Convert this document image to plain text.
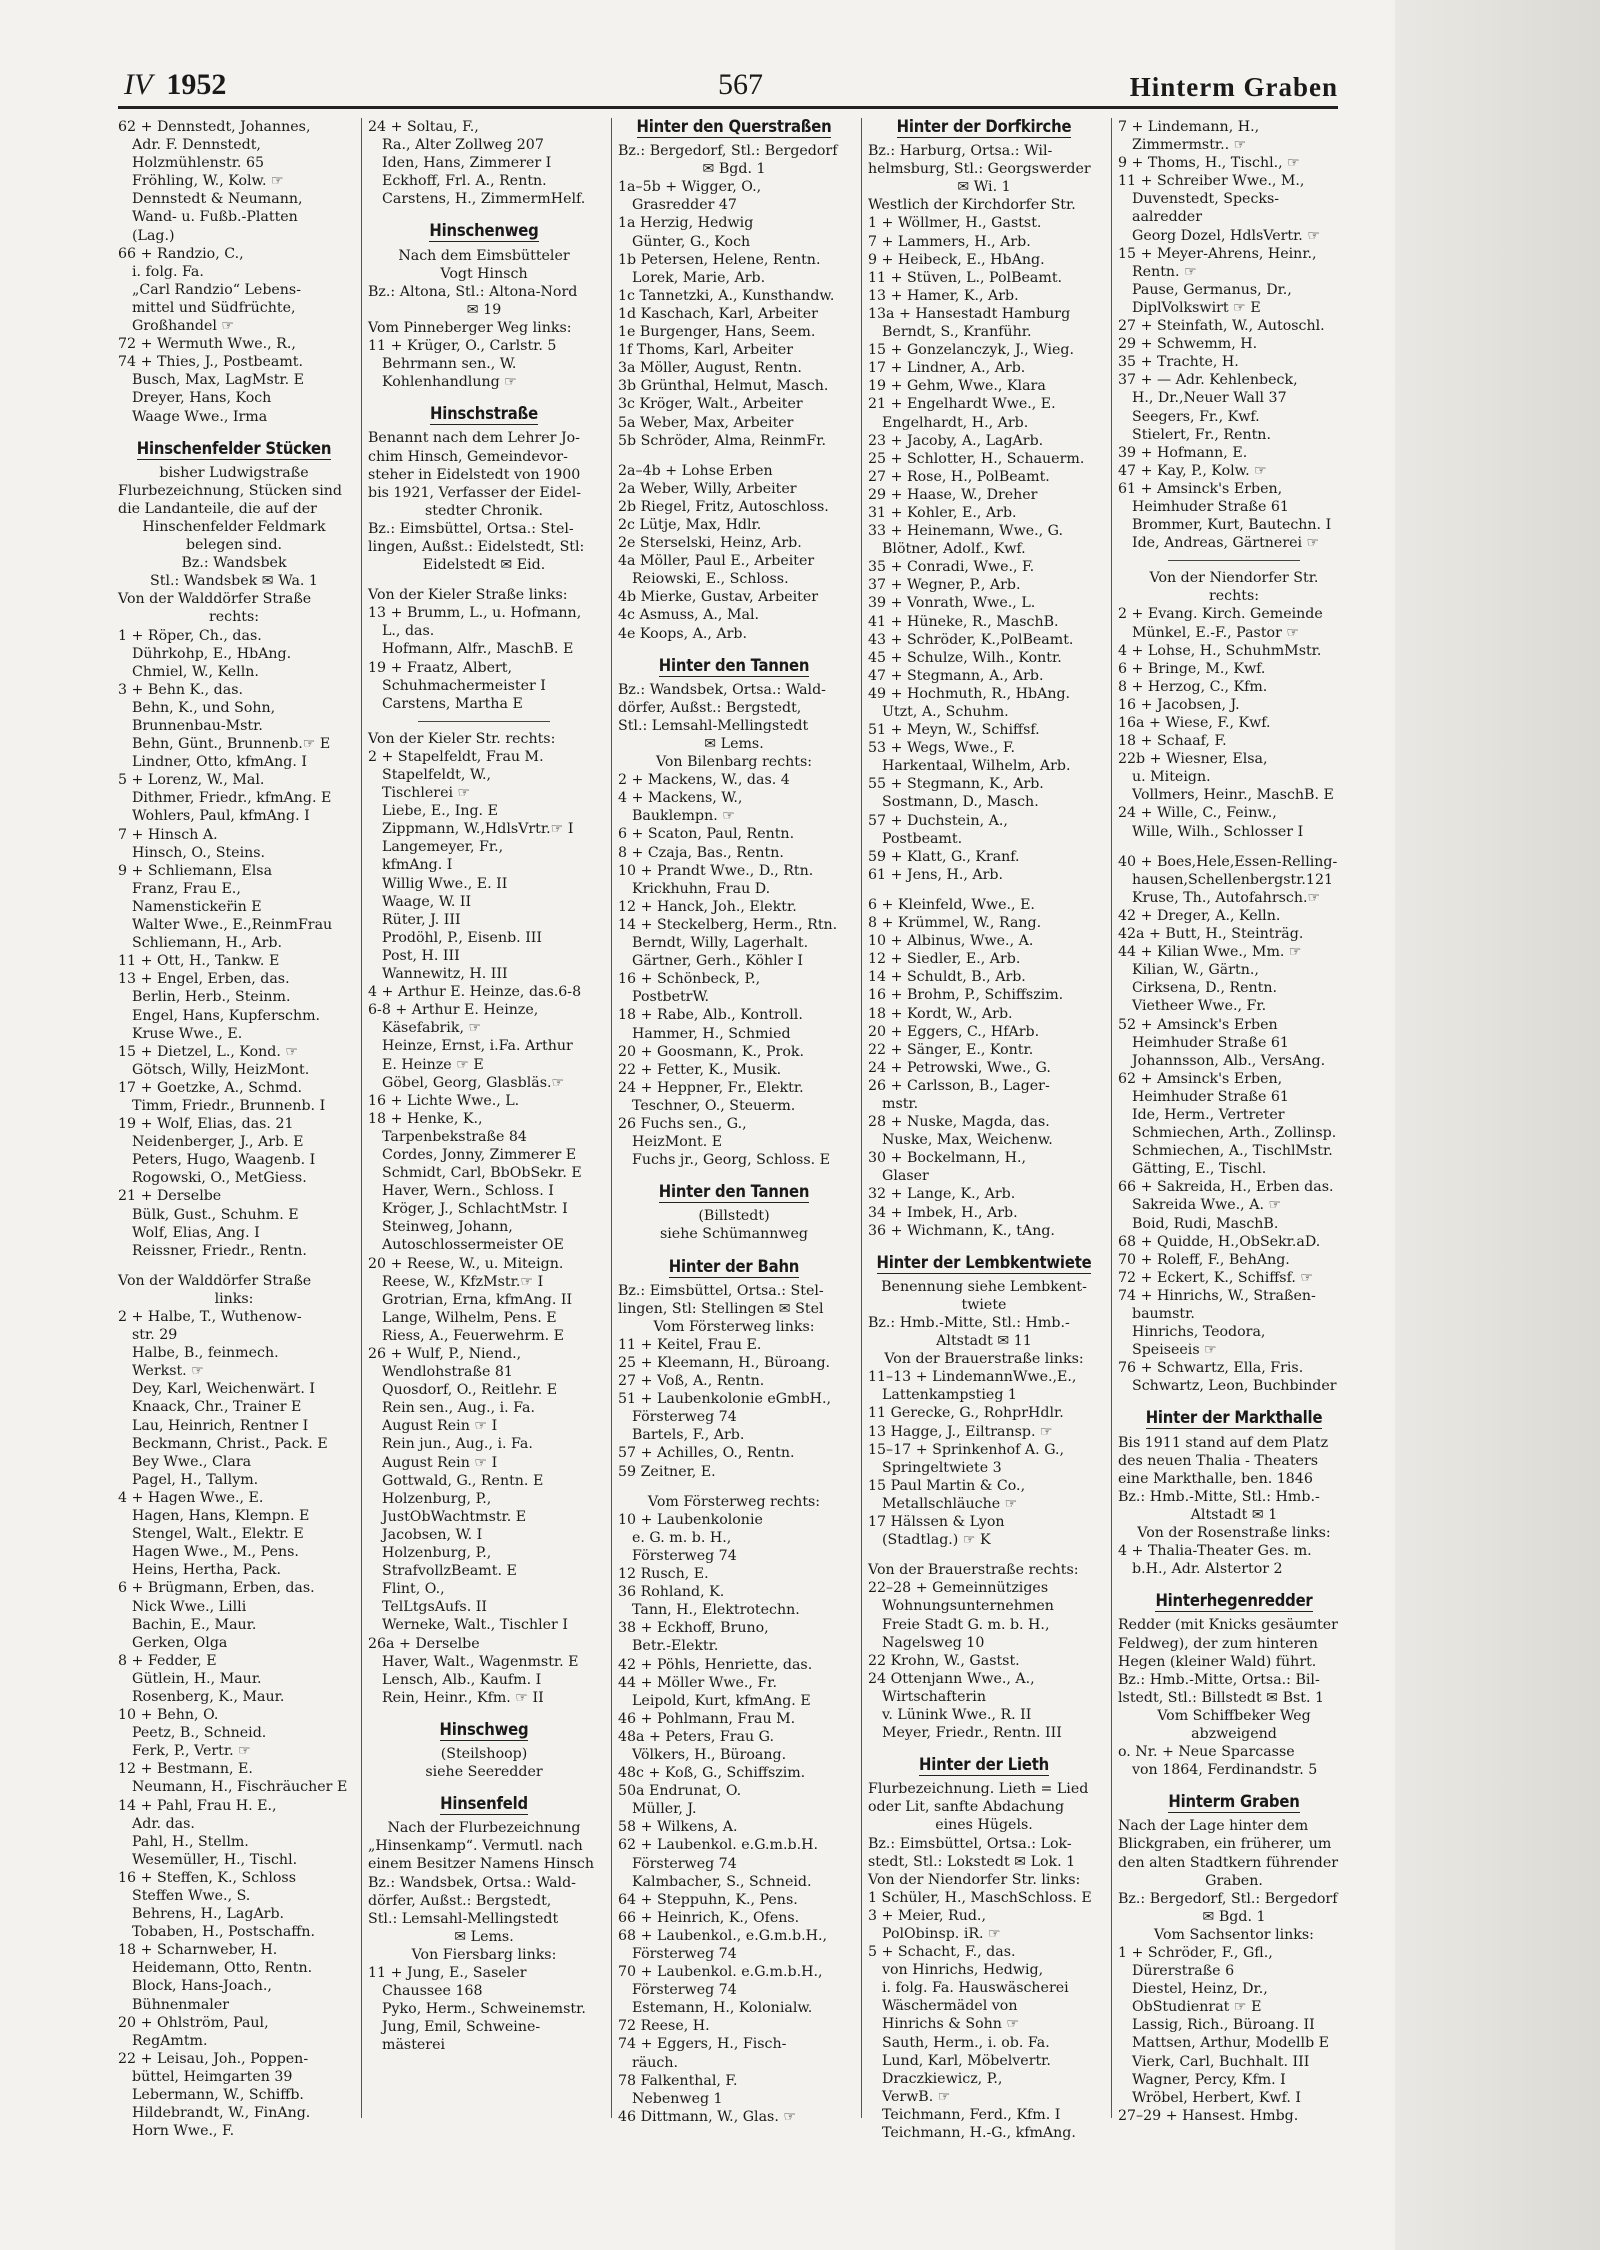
IV 1952	567	Hinterm Graben
62 + Dennstedt, Johannes,
Adr. F. Dennstedt,
Holzmühlenstr. 65
Fröhling, W., Kolw. ☞
Dennstedt & Neumann,
Wand- u. Fußb.-Platten
(Lag.)
66 + Randzio, C.,
i. folg. Fa.
„Carl Randzio“ Lebens-
mittel und Südfrüchte,
Großhandel ☞
72 + Wermuth Wwe., R.,
74 + Thies, J., Postbeamt.
Busch, Max, LagMstr. E
Dreyer, Hans, Koch
Waage Wwe., Irma
Hinschenfelder Stücken
bisher Ludwigstraße
Flurbezeichnung, Stücken sind
die Landanteile, die auf der
Hinschenfelder Feldmark
belegen sind.
Bz.: Wandsbek
Stl.: Wandsbek ✉ Wa. 1
Von der Walddörfer Straße
rechts:
1 + Röper, Ch., das.
Dührkohp, E., HbAng.
Chmiel, W., Kelln.
3 + Behn K., das.
Behn, K., und Sohn,
Brunnenbau-Mstr.
Behn, Günt., Brunnenb.☞ E
Lindner, Otto, kfmAng. I
5 + Lorenz, W., Mal.
Dithmer, Friedr., kfmAng. E
Wohlers, Paul, kfmAng. I
7 + Hinsch A.
Hinsch, O., Steins.
9 + Schliemann, Elsa
Franz, Frau E.,
Namensticker̈in E
Walter Wwe., E.,ReinmFrau
Schliemann, H., Arb.
11 + Ott, H., Tankw. E
13 + Engel, Erben, das.
Berlin, Herb., Steinm.
Engel, Hans, Kupferschm.
Kruse Wwe., E.
15 + Dietzel, L., Kond. ☞
Götsch, Willy, HeizMont.
17 + Goetzke, A., Schmd.
Timm, Friedr., Brunnenb. I
19 + Wolf, Elias, das. 21
Neidenberger, J., Arb. E
Peters, Hugo, Waagenb. I
Rogowski, O., MetGiess.
21 + Derselbe
Bülk, Gust., Schuhm. E
Wolf, Elias, Ang. I
Reissner, Friedr., Rentn.
Von der Walddörfer Straße
links:
2 + Halbe, T., Wuthenow-
str. 29
Halbe, B., feinmech.
Werkst. ☞
Dey, Karl, Weichenwärt. I
Knaack, Chr., Trainer E
Lau, Heinrich, Rentner I
Beckmann, Christ., Pack. E
Bey Wwe., Clara
Pagel, H., Tallym.
4 + Hagen Wwe., E.
Hagen, Hans, Klempn. E
Stengel, Walt., Elektr. E
Hagen Wwe., M., Pens.
Heins, Hertha, Pack.
6 + Brügmann, Erben, das.
Nick Wwe., Lilli
Bachin, E., Maur.
Gerken, Olga
8 + Fedder, E
Gütlein, H., Maur.
Rosenberg, K., Maur.
10 + Behn, O.
Peetz, B., Schneid.
Ferk, P., Vertr. ☞
12 + Bestmann, E.
Neumann, H., Fischräucher E
14 + Pahl, Frau H. E.,
Adr. das.
Pahl, H., Stellm.
Wesemüller, H., Tischl.
16 + Steffen, K., Schloss
Steffen Wwe., S.
Behrens, H., LagArb.
Tobaben, H., Postschaffn.
18 + Scharnweber, H.
Heidemann, Otto, Rentn.
Block, Hans-Joach.,
Bühnenmaler
20 + Ohlström, Paul,
RegAmtm.
22 + Leisau, Joh., Poppen-
büttel, Heimgarten 39
Lebermann, W., Schiffb.
Hildebrandt, W., FinAng.
Horn Wwe., F.
24 + Soltau, F.,
Ra., Alter Zollweg 207
Iden, Hans, Zimmerer I
Eckhoff, Frl. A., Rentn.
Carstens, H., ZimmermHelf.
Hinschenweg
Nach dem Eimsbütteler
Vogt Hinsch
Bz.: Altona, Stl.: Altona-Nord
✉ 19
Vom Pinneberger Weg links:
11 + Krüger, O., Carlstr. 5
Behrmann sen., W.
Kohlenhandlung ☞
Hinschstraße
Benannt nach dem Lehrer Jo-
chim Hinsch, Gemeindevor-
steher in Eidelstedt von 1900
bis 1921, Verfasser der Eidel-
stedter Chronik.
Bz.: Eimsbüttel, Ortsa.: Stel-
lingen, Außst.: Eidelstedt, Stl:
Eidelstedt ✉ Eid.
Von der Kieler Straße links:
13 + Brumm, L., u. Hofmann,
L., das.
Hofmann, Alfr., MaschB. E
19 + Fraatz, Albert,
Schuhmachermeister I
Carstens, Martha E
Von der Kieler Str. rechts:
2 + Stapelfeldt, Frau M.
Stapelfeldt, W.,
Tischlerei ☞
Liebe, E., Ing. E
Zippmann, W.,HdlsVrtr.☞ I
Langemeyer, Fr.,
kfmAng. I
Willig Wwe., E. II
Waage, W. II
Rüter, J. III
Prodöhl, P., Eisenb. III
Post, H. III
Wannewitz, H. III
4 + Arthur E. Heinze, das.6-8
6-8 + Arthur E. Heinze,
Käsefabrik, ☞
Heinze, Ernst, i.Fa. Arthur
E. Heinze ☞ E
Göbel, Georg, Glasbläs.☞
16 + Lichte Wwe., L.
18 + Henke, K.,
Tarpenbekstraße 84
Cordes, Jonny, Zimmerer E
Schmidt, Carl, BbObSekr. E
Haver, Wern., Schloss. I
Kröger, J., SchlachtMstr. I
Steinweg, Johann,
Autoschlossermeister OE
20 + Reese, W., u. Miteign.
Reese, W., KfzMstr.☞ I
Grotrian, Erna, kfmAng. II
Lange, Wilhelm, Pens. E
Riess, A., Feuerwehrm. E
26 + Wulf, P., Niend.,
Wendlohstraße 81
Quosdorf, O., Reitlehr. E
Rein sen., Aug., i. Fa.
August Rein ☞ I
Rein jun., Aug., i. Fa.
August Rein ☞ I
Gottwald, G., Rentn. E
Holzenburg, P.,
JustObWachtmstr. E
Jacobsen, W. I
Holzenburg, P.,
StrafvollzBeamt. E
Flint, O.,
TelLtgsAufs. II
Werneke, Walt., Tischler I
26a + Derselbe
Haver, Walt., Wagenmstr. E
Lensch, Alb., Kaufm. I
Rein, Heinr., Kfm. ☞ II
Hinschweg
(Steilshoop)
siehe Seeredder
Hinsenfeld
Nach der Flurbezeichnung
„Hinsenkamp“. Vermutl. nach
einem Besitzer Namens Hinsch
Bz.: Wandsbek, Ortsa.: Wald-
dörfer, Außst.: Bergstedt,
Stl.: Lemsahl-Mellingstedt
✉ Lems.
Von Fiersbarg links:
11 + Jung, E., Saseler
Chaussee 168
Pyko, Herm., Schweinemstr.
Jung, Emil, Schweine-
mästerei
Hinter den Querstraßen
Bz.: Bergedorf, Stl.: Bergedorf
✉ Bgd. 1
1a–5b + Wigger, O.,
Grasredder 47
1a Herzig, Hedwig
Günter, G., Koch
1b Petersen, Helene, Rentn.
Lorek, Marie, Arb.
1c Tannetzki, A., Kunsthandw.
1d Kaschach, Karl, Arbeiter
1e Burgenger, Hans, Seem.
1f Thoms, Karl, Arbeiter
3a Möller, August, Rentn.
3b Grünthal, Helmut, Masch.
3c Kröger, Walt., Arbeiter
5a Weber, Max, Arbeiter
5b Schröder, Alma, ReinmFr.
2a–4b + Lohse Erben
2a Weber, Willy, Arbeiter
2b Riegel, Fritz, Autoschloss.
2c Lütje, Max, Hdlr.
2e Sterselski, Heinz, Arb.
4a Möller, Paul E., Arbeiter
Reiowski, E., Schloss.
4b Mierke, Gustav, Arbeiter
4c Asmuss, A., Mal.
4e Koops, A., Arb.
Hinter den Tannen
Bz.: Wandsbek, Ortsa.: Wald-
dörfer, Außst.: Bergstedt,
Stl.: Lemsahl-Mellingstedt
✉ Lems.
Von Bilenbarg rechts:
2 + Mackens, W., das. 4
4 + Mackens, W.,
Bauklempn. ☞
6 + Scaton, Paul, Rentn.
8 + Czaja, Bas., Rentn.
10 + Prandt Wwe., D., Rtn.
Krickhuhn, Frau D.
12 + Hanck, Joh., Elektr.
14 + Steckelberg, Herm., Rtn.
Berndt, Willy, Lagerhalt.
Gärtner, Gerh., Köhler I
16 + Schönbeck, P.,
PostbetrW.
18 + Rabe, Alb., Kontroll.
Hammer, H., Schmied
20 + Goosmann, K., Prok.
22 + Fetter, K., Musik.
24 + Heppner, Fr., Elektr.
Teschner, O., Steuerm.
26 Fuchs sen., G.,
HeizMont. E
Fuchs jr., Georg, Schloss. E
Hinter den Tannen
(Billstedt)
siehe Schümannweg
Hinter der Bahn
Bz.: Eimsbüttel, Ortsa.: Stel-
lingen, Stl: Stellingen ✉ Stel
Vom Försterweg links:
11 + Keitel, Frau E.
25 + Kleemann, H., Büroang.
27 + Voß, A., Rentn.
51 + Laubenkolonie eGmbH.,
Försterweg 74
Bartels, F., Arb.
57 + Achilles, O., Rentn.
59 Zeitner, E.
Vom Försterweg rechts:
10 + Laubenkolonie
e. G. m. b. H.,
Försterweg 74
12 Rusch, E.
36 Rohland, K.
Tann, H., Elektrotechn.
38 + Eckhoff, Bruno,
Betr.-Elektr.
42 + Pöhls, Henriette, das.
44 + Möller Wwe., Fr.
Leipold, Kurt, kfmAng. E
46 + Pohlmann, Frau M.
48a + Peters, Frau G.
Völkers, H., Büroang.
48c + Koß, G., Schiffszim.
50a Endrunat, O.
Müller, J.
58 + Wilkens, A.
62 + Laubenkol. e.G.m.b.H.
Försterweg 74
Kalmbacher, S., Schneid.
64 + Steppuhn, K., Pens.
66 + Heinrich, K., Ofens.
68 + Laubenkol., e.G.m.b.H.,
Försterweg 74
70 + Laubenkol. e.G.m.b.H.,
Försterweg 74
Estemann, H., Kolonialw.
72 Reese, H.
74 + Eggers, H., Fisch-
räuch.
78 Falkenthal, F.
Nebenweg 1
46 Dittmann, W., Glas. ☞
Hinter der Dorfkirche
Bz.: Harburg, Ortsa.: Wil-
helmsburg, Stl.: Georgswerder
✉ Wi. 1
Westlich der Kirchdorfer Str.
1 + Wöllmer, H., Gastst.
7 + Lammers, H., Arb.
9 + Heibeck, E., HbAng.
11 + Stüven, L., PolBeamt.
13 + Hamer, K., Arb.
13a + Hansestadt Hamburg
Berndt, S., Kranführ.
15 + Gonzelanczyk, J., Wieg.
17 + Lindner, A., Arb.
19 + Gehm, Wwe., Klara
21 + Engelhardt Wwe., E.
Engelhardt, H., Arb.
23 + Jacoby, A., LagArb.
25 + Schlotter, H., Schauerm.
27 + Rose, H., PolBeamt.
29 + Haase, W., Dreher
31 + Kohler, E., Arb.
33 + Heinemann, Wwe., G.
Blötner, Adolf., Kwf.
35 + Conradi, Wwe., F.
37 + Wegner, P., Arb.
39 + Vonrath, Wwe., L.
41 + Hüneke, R., MaschB.
43 + Schröder, K.,PolBeamt.
45 + Schulze, Wilh., Kontr.
47 + Stegmann, A., Arb.
49 + Hochmuth, R., HbAng.
Utzt, A., Schuhm.
51 + Meyn, W., Schiffsf.
53 + Wegs, Wwe., F.
Harkentaal, Wilhelm, Arb.
55 + Stegmann, K., Arb.
Sostmann, D., Masch.
57 + Duchstein, A.,
Postbeamt.
59 + Klatt, G., Kranf.
61 + Jens, H., Arb.
6 + Kleinfeld, Wwe., E.
8 + Krümmel, W., Rang.
10 + Albinus, Wwe., A.
12 + Siedler, E., Arb.
14 + Schuldt, B., Arb.
16 + Brohm, P., Schiffszim.
18 + Kordt, W., Arb.
20 + Eggers, C., HfArb.
22 + Sänger, E., Kontr.
24 + Petrowski, Wwe., G.
26 + Carlsson, B., Lager-
mstr.
28 + Nuske, Magda, das.
Nuske, Max, Weichenw.
30 + Bockelmann, H.,
Glaser
32 + Lange, K., Arb.
34 + Imbek, H., Arb.
36 + Wichmann, K., tAng.
Hinter der Lembkentwiete
Benennung siehe Lembkent-
twiete
Bz.: Hmb.-Mitte, Stl.: Hmb.-
Altstadt ✉ 11
Von der Brauerstraße links:
11–13 + LindemannWwe.,E.,
Lattenkampstieg 1
11 Gerecke, G., RohprHdlr.
13 Hagge, J., Eiltransp. ☞
15–17 + Sprinkenhof A. G.,
Springeltwiete 3
15 Paul Martin & Co.,
Metallschläuche ☞
17 Hälssen & Lyon
(Stadtlag.) ☞ K
Von der Brauerstraße rechts:
22–28 + Gemeinnütziges
Wohnungsunternehmen
Freie Stadt G. m. b. H.,
Nagelsweg 10
22 Krohn, W., Gastst.
24 Ottenjann Wwe., A.,
Wirtschafterin
v. Lünink Wwe., R. II
Meyer, Friedr., Rentn. III
Hinter der Lieth
Flurbezeichnung. Lieth = Lied
oder Lit, sanfte Abdachung
eines Hügels.
Bz.: Eimsbüttel, Ortsa.: Lok-
stedt, Stl.: Lokstedt ✉ Lok. 1
Von der Niendorfer Str. links:
1 Schüler, H., MaschSchloss. E
3 + Meier, Rud.,
PolObinsp. iR. ☞
5 + Schacht, F., das.
von Hinrichs, Hedwig,
i. folg. Fa. Hauswäscherei
Wäschermädel von
Hinrichs & Sohn ☞
Sauth, Herm., i. ob. Fa.
Lund, Karl, Möbelvertr.
Draczkiewicz, P.,
VerwB. ☞
Teichmann, Ferd., Kfm. I
Teichmann, H.-G., kfmAng.
7 + Lindemann, H.,
Zimmermstr.. ☞
9 + Thoms, H., Tischl., ☞
11 + Schreiber Wwe., M.,
Duvenstedt, Specks-
aalredder
Georg Dozel, HdlsVertr. ☞
15 + Meyer-Ahrens, Heinr.,
Rentn. ☞
Pause, Germanus, Dr.,
DiplVolkswirt ☞ E
27 + Steinfath, W., Autoschl.
29 + Schwemm, H.
35 + Trachte, H.
37 + — Adr. Kehlenbeck,
H., Dr.,Neuer Wall 37
Seegers, Fr., Kwf.
Stielert, Fr., Rentn.
39 + Hofmann, E.
47 + Kay, P., Kolw. ☞
61 + Amsinck's Erben,
Heimhuder Straße 61
Brommer, Kurt, Bautechn. I
Ide, Andreas, Gärtnerei ☞
Von der Niendorfer Str.
rechts:
2 + Evang. Kirch. Gemeinde
Münkel, E.-F., Pastor ☞
4 + Lohse, H., SchuhmMstr.
6 + Bringe, M., Kwf.
8 + Herzog, C., Kfm.
16 + Jacobsen, J.
16a + Wiese, F., Kwf.
18 + Schaaf, F.
22b + Wiesner, Elsa,
u. Miteign.
Vollmers, Heinr., MaschB. E
24 + Wille, C., Feinw.,
Wille, Wilh., Schlosser I
40 + Boes,Hele,Essen-Relling-
hausen,Schellenbergstr.121
Kruse, Th., Autofahrsch.☞
42 + Dreger, A., Kelln.
42a + Butt, H., Steinträg.
44 + Kilian Wwe., Mm. ☞
Kilian, W., Gärtn.,
Cirksena, D., Rentn.
Vietheer Wwe., Fr.
52 + Amsinck's Erben
Heimhuder Straße 61
Johannsson, Alb., VersAng.
62 + Amsinck's Erben,
Heimhuder Straße 61
Ide, Herm., Vertreter
Schmiechen, Arth., Zollinsp.
Schmiechen, A., TischlMstr.
Gätting, E., Tischl.
66 + Sakreida, H., Erben das.
Sakreida Wwe., A. ☞
Boid, Rudi, MaschB.
68 + Quidde, H.,ObSekr.aD.
70 + Roleff, F., BehAng.
72 + Eckert, K., Schiffsf. ☞
74 + Hinrichs, W., Straßen-
baumstr.
Hinrichs, Teodora,
Speiseeis ☞
76 + Schwartz, Ella, Fris.
Schwartz, Leon, Buchbinder
Hinter der Markthalle
Bis 1911 stand auf dem Platz
des neuen Thalia - Theaters
eine Markthalle, ben. 1846
Bz.: Hmb.-Mitte, Stl.: Hmb.-
Altstadt ✉ 1
Von der Rosenstraße links:
4 + Thalia-Theater Ges. m.
b.H., Adr. Alstertor 2
Hinterhegenredder
Redder (mit Knicks gesäumter
Feldweg), der zum hinteren
Hegen (kleiner Wald) führt.
Bz.: Hmb.-Mitte, Ortsa.: Bil-
lstedt, Stl.: Billstedt ✉ Bst. 1
Vom Schiffbeker Weg
abzweigend
o. Nr. + Neue Sparcasse
von 1864, Ferdinandstr. 5
Hinterm Graben
Nach der Lage hinter dem
Blickgraben, ein früherer, um
den alten Stadtkern führender
Graben.
Bz.: Bergedorf, Stl.: Bergedorf
✉ Bgd. 1
Vom Sachsentor links:
1 + Schröder, F., Gfl.,
Dürerstraße 6
Diestel, Heinz, Dr.,
ObStudienrat ☞ E
Lassig, Rich., Büroang. II
Mattsen, Arthur, Modellb E
Vierk, Carl, Buchhalt. III
Wagner, Percy, Kfm. I
Wröbel, Herbert, Kwf. I
27–29 + Hansest. Hmbg.
